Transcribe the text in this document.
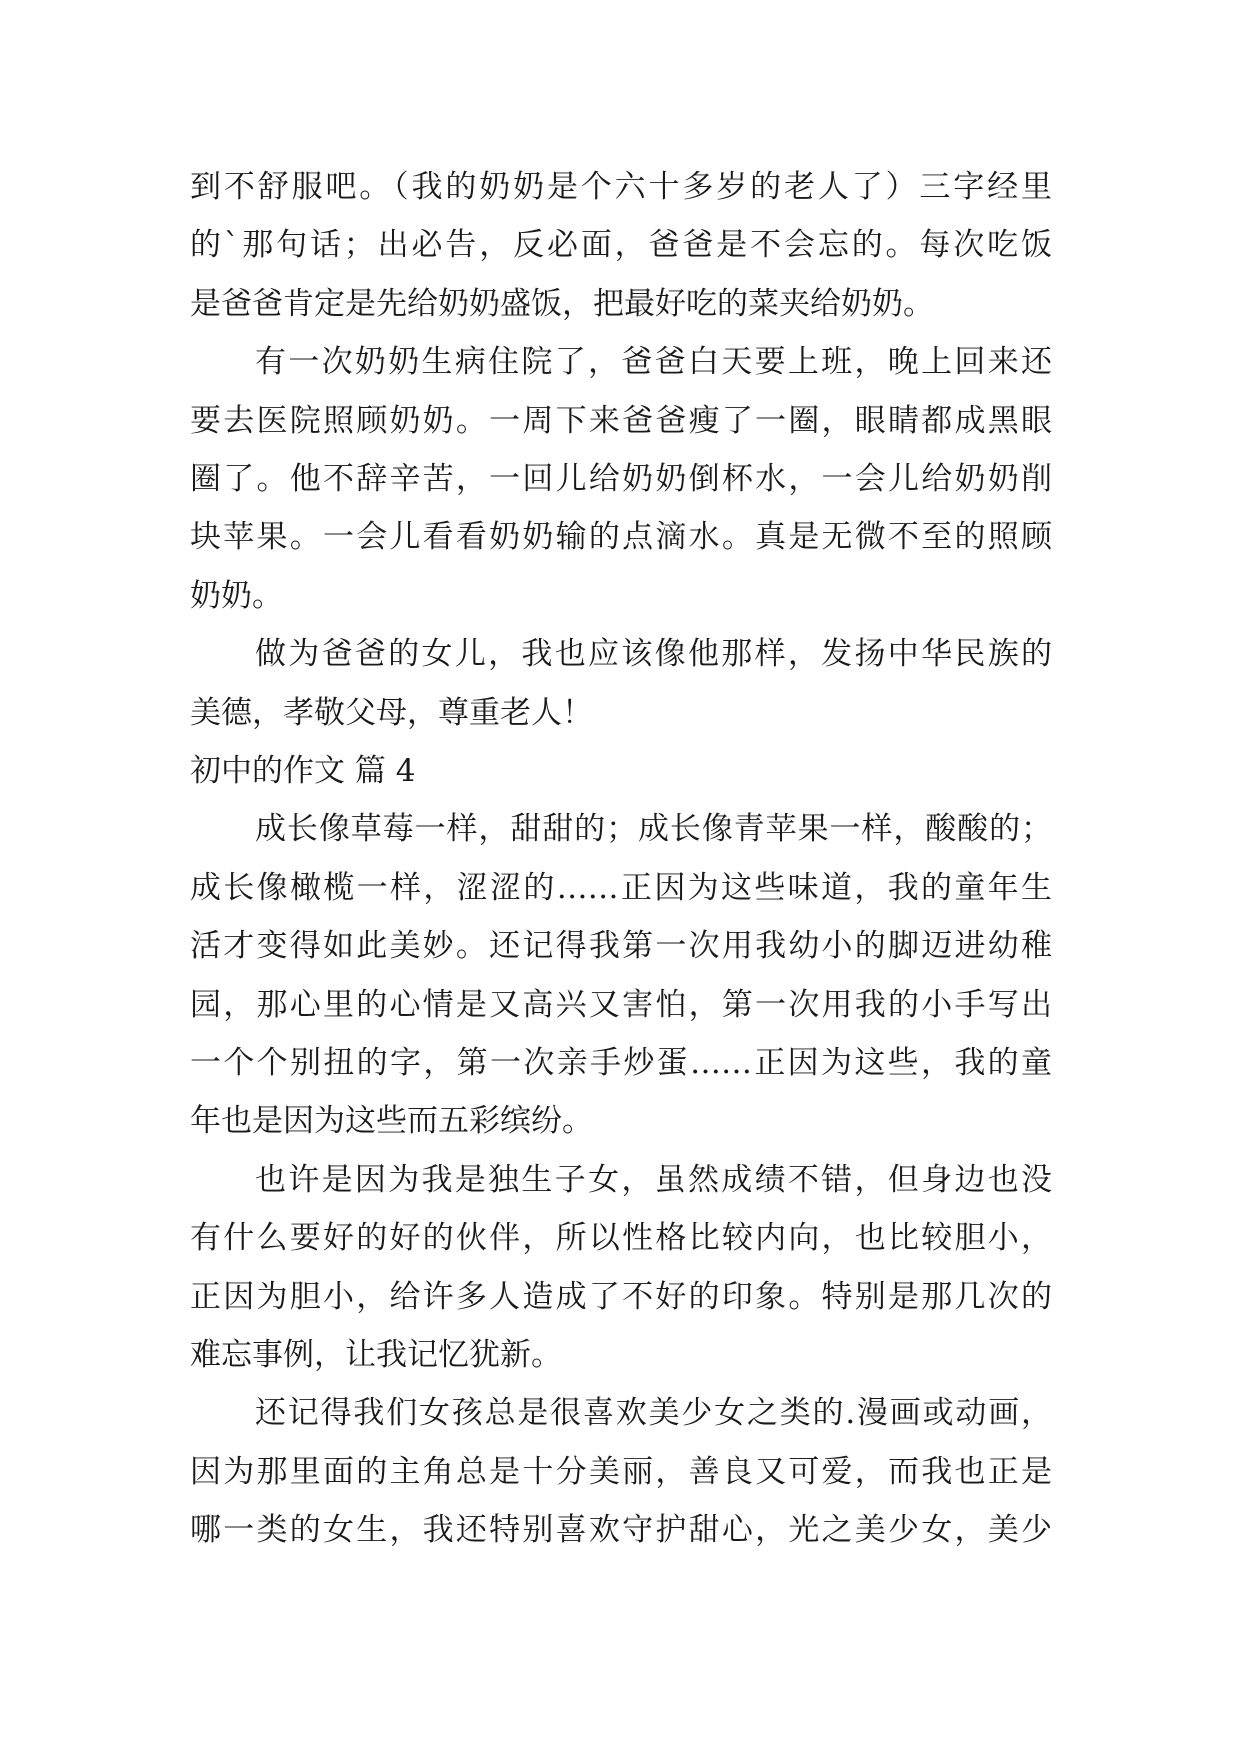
到不舒服吧。（我的奶奶是个六十多岁的老人了）三字经里
的`那句话；出必告，反必面，爸爸是不会忘的。每次吃饭
是爸爸肯定是先给奶奶盛饭，把最好吃的菜夹给奶奶。
有一次奶奶生病住院了，爸爸白天要上班，晚上回来还
要去医院照顾奶奶。一周下来爸爸瘦了一圈，眼睛都成黑眼
圈了。他不辞辛苦，一回儿给奶奶倒杯水，一会儿给奶奶削
块苹果。一会儿看看奶奶输的点滴水。真是无微不至的照顾
奶奶。
做为爸爸的女儿，我也应该像他那样，发扬中华民族的
美德，孝敬父母，尊重老人！
初中的作文 篇 4
成长像草莓一样，甜甜的；成长像青苹果一样，酸酸的；
成长像橄榄一样，涩涩的……正因为这些味道，我的童年生
活才变得如此美妙。还记得我第一次用我幼小的脚迈进幼稚
园，那心里的心情是又高兴又害怕，第一次用我的小手写出
一个个别扭的字，第一次亲手炒蛋……正因为这些，我的童
年也是因为这些而五彩缤纷。
也许是因为我是独生子女，虽然成绩不错，但身边也没
有什么要好的好的伙伴，所以性格比较内向，也比较胆小，
正因为胆小，给许多人造成了不好的印象。特别是那几次的
难忘事例，让我记忆犹新。
还记得我们女孩总是很喜欢美少女之类的.漫画或动画，
因为那里面的主角总是十分美丽，善良又可爱，而我也正是
哪一类的女生，我还特别喜欢守护甜心，光之美少女，美少
